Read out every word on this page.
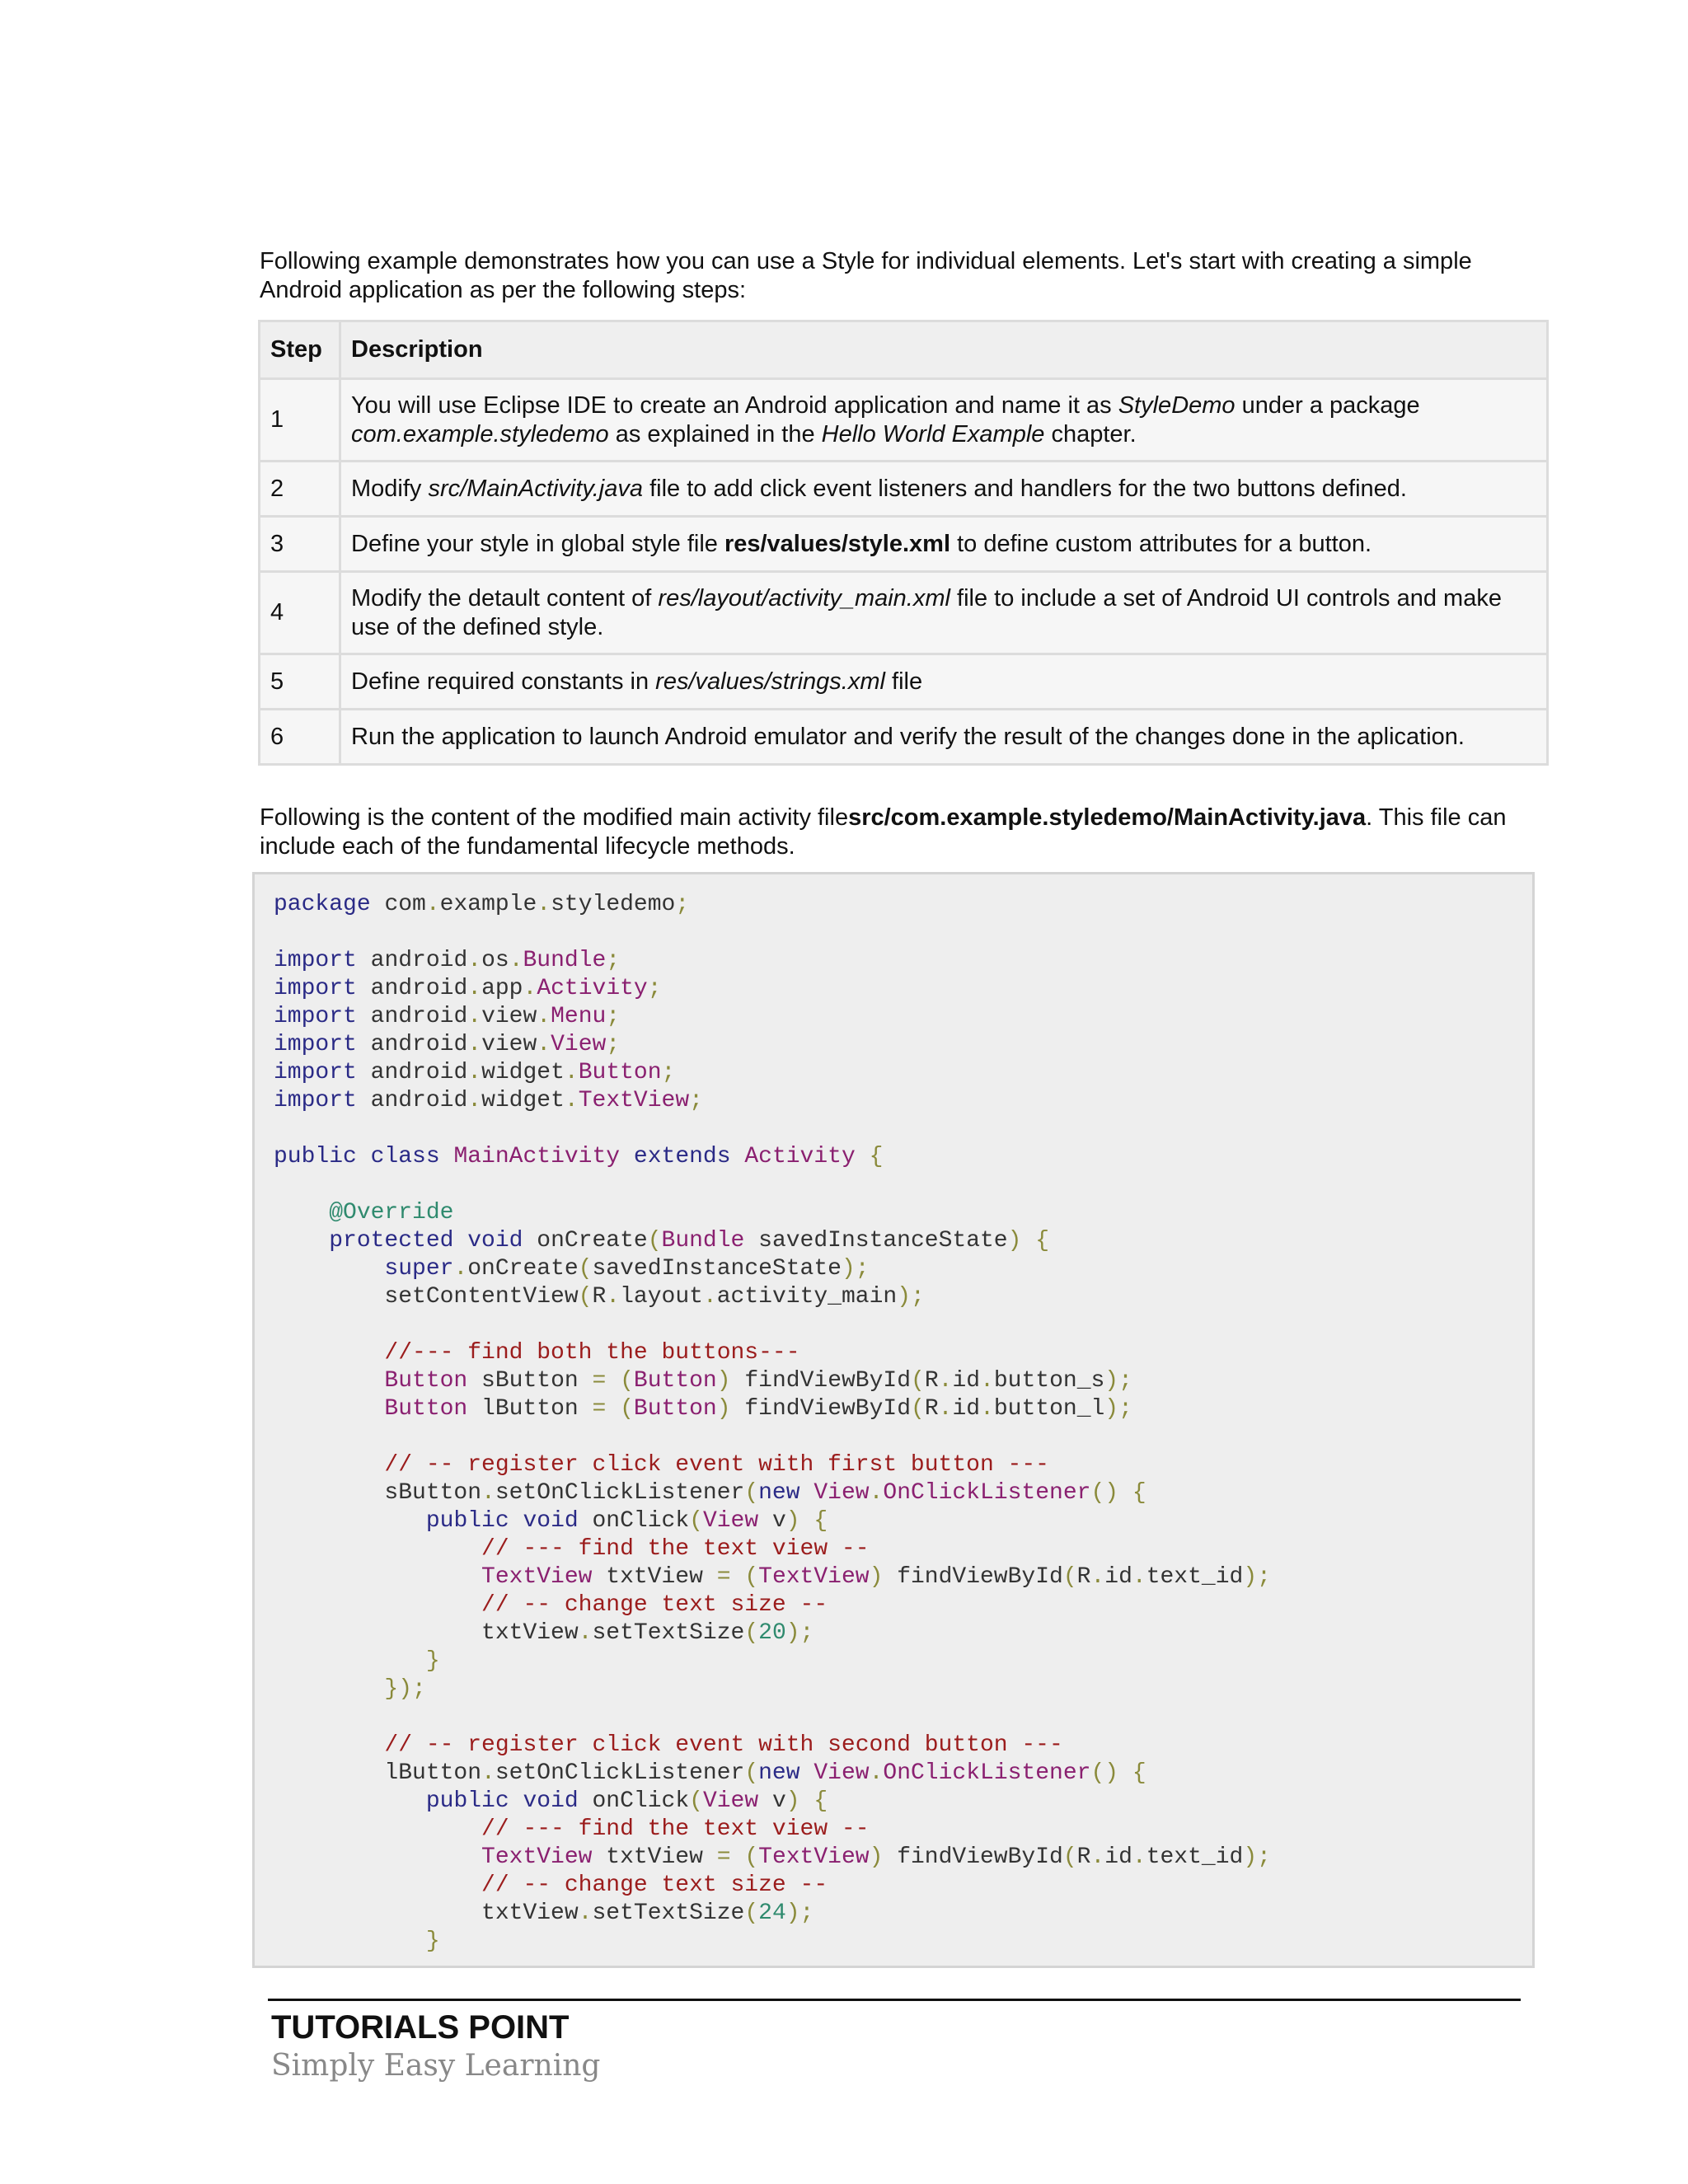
Following example demonstrates how you can use a Style for individual elements. Let's start with creating a simple Android application as per the following steps:

Step	Description
1	You will use Eclipse IDE to create an Android application and name it as StyleDemo under a package com.example.styledemo as explained in the Hello World Example chapter.
2	Modify src/MainActivity.java file to add click event listeners and handlers for the two buttons defined.
3	Define your style in global style file res/values/style.xml to define custom attributes for a button.
4	Modify the detault content of res/layout/activity_main.xml file to include a set of Android UI controls and make use of the defined style.
5	Define required constants in res/values/strings.xml file
6	Run the application to launch Android emulator and verify the result of the changes done in the aplication.

Following is the content of the modified main activity filesrc/com.example.styledemo/MainActivity.java. This file can include each of the fundamental lifecycle methods.

package com.example.styledemo;
import android.os.Bundle;
import android.app.Activity;
import android.view.Menu;
import android.view.View;
import android.widget.Button;
import android.widget.TextView;
public class MainActivity extends Activity {
@Override
protected void onCreate(Bundle savedInstanceState) {
super.onCreate(savedInstanceState);
setContentView(R.layout.activity_main);
//--- find both the buttons---
Button sButton = (Button) findViewById(R.id.button_s);
Button lButton = (Button) findViewById(R.id.button_l);
// -- register click event with first button ---
sButton.setOnClickListener(new View.OnClickListener() {
public void onClick(View v) {
// --- find the text view --
TextView txtView = (TextView) findViewById(R.id.text_id);
// -- change text size --
txtView.setTextSize(20);
}
});
// -- register click event with second button ---
lButton.setOnClickListener(new View.OnClickListener() {
public void onClick(View v) {
// --- find the text view --
TextView txtView = (TextView) findViewById(R.id.text_id);
// -- change text size --
txtView.setTextSize(24);
}
TUTORIALS POINT
Simply Easy Learning
